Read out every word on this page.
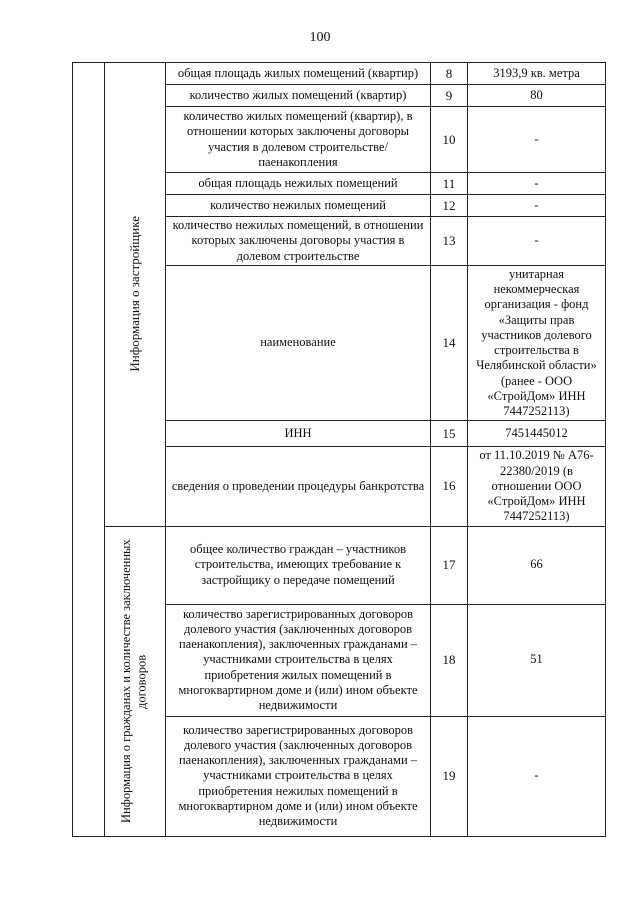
100

	Информация о застройщике	общая площадь жилых помещений (квартир)	8	3193,9 кв. метра
		количество жилых помещений (квартир)	9	80
		количество жилых помещений (квартир), в отношении которых заключены договоры участия в долевом строительстве/паенакопления	10	-
		общая площадь нежилых помещений	11	-
		количество нежилых помещений	12	-
		количество нежилых помещений, в отношении которых заключены договоры участия в долевом строительстве	13	-
		наименование	14	унитарная некоммерческая организация - фонд «Защиты прав участников долевого строительства в Челябинской области» (ранее - ООО «СтройДом» ИНН 7447252113)
		ИНН	15	7451445012
		сведения о проведении процедуры банкротства	16	от 11.10.2019 № А76-22380/2019 (в отношении ООО «СтройДом» ИНН 7447252113)

	Информация о гражданах и количестве заключенных договоров	общее количество граждан – участников строительства, имеющих требование к застройщику о передаче помещений	17	66
		количество зарегистрированных договоров долевого участия (заключенных договоров паенакопления), заключенных гражданами – участниками строительства в целях приобретения жилых помещений в многоквартирном доме и (или) ином объекте недвижимости	18	51
		количество зарегистрированных договоров долевого участия (заключенных договоров паенакопления), заключенных гражданами – участниками строительства в целях приобретения нежилых помещений в многоквартирном доме и (или) ином объекте недвижимости	19	-
